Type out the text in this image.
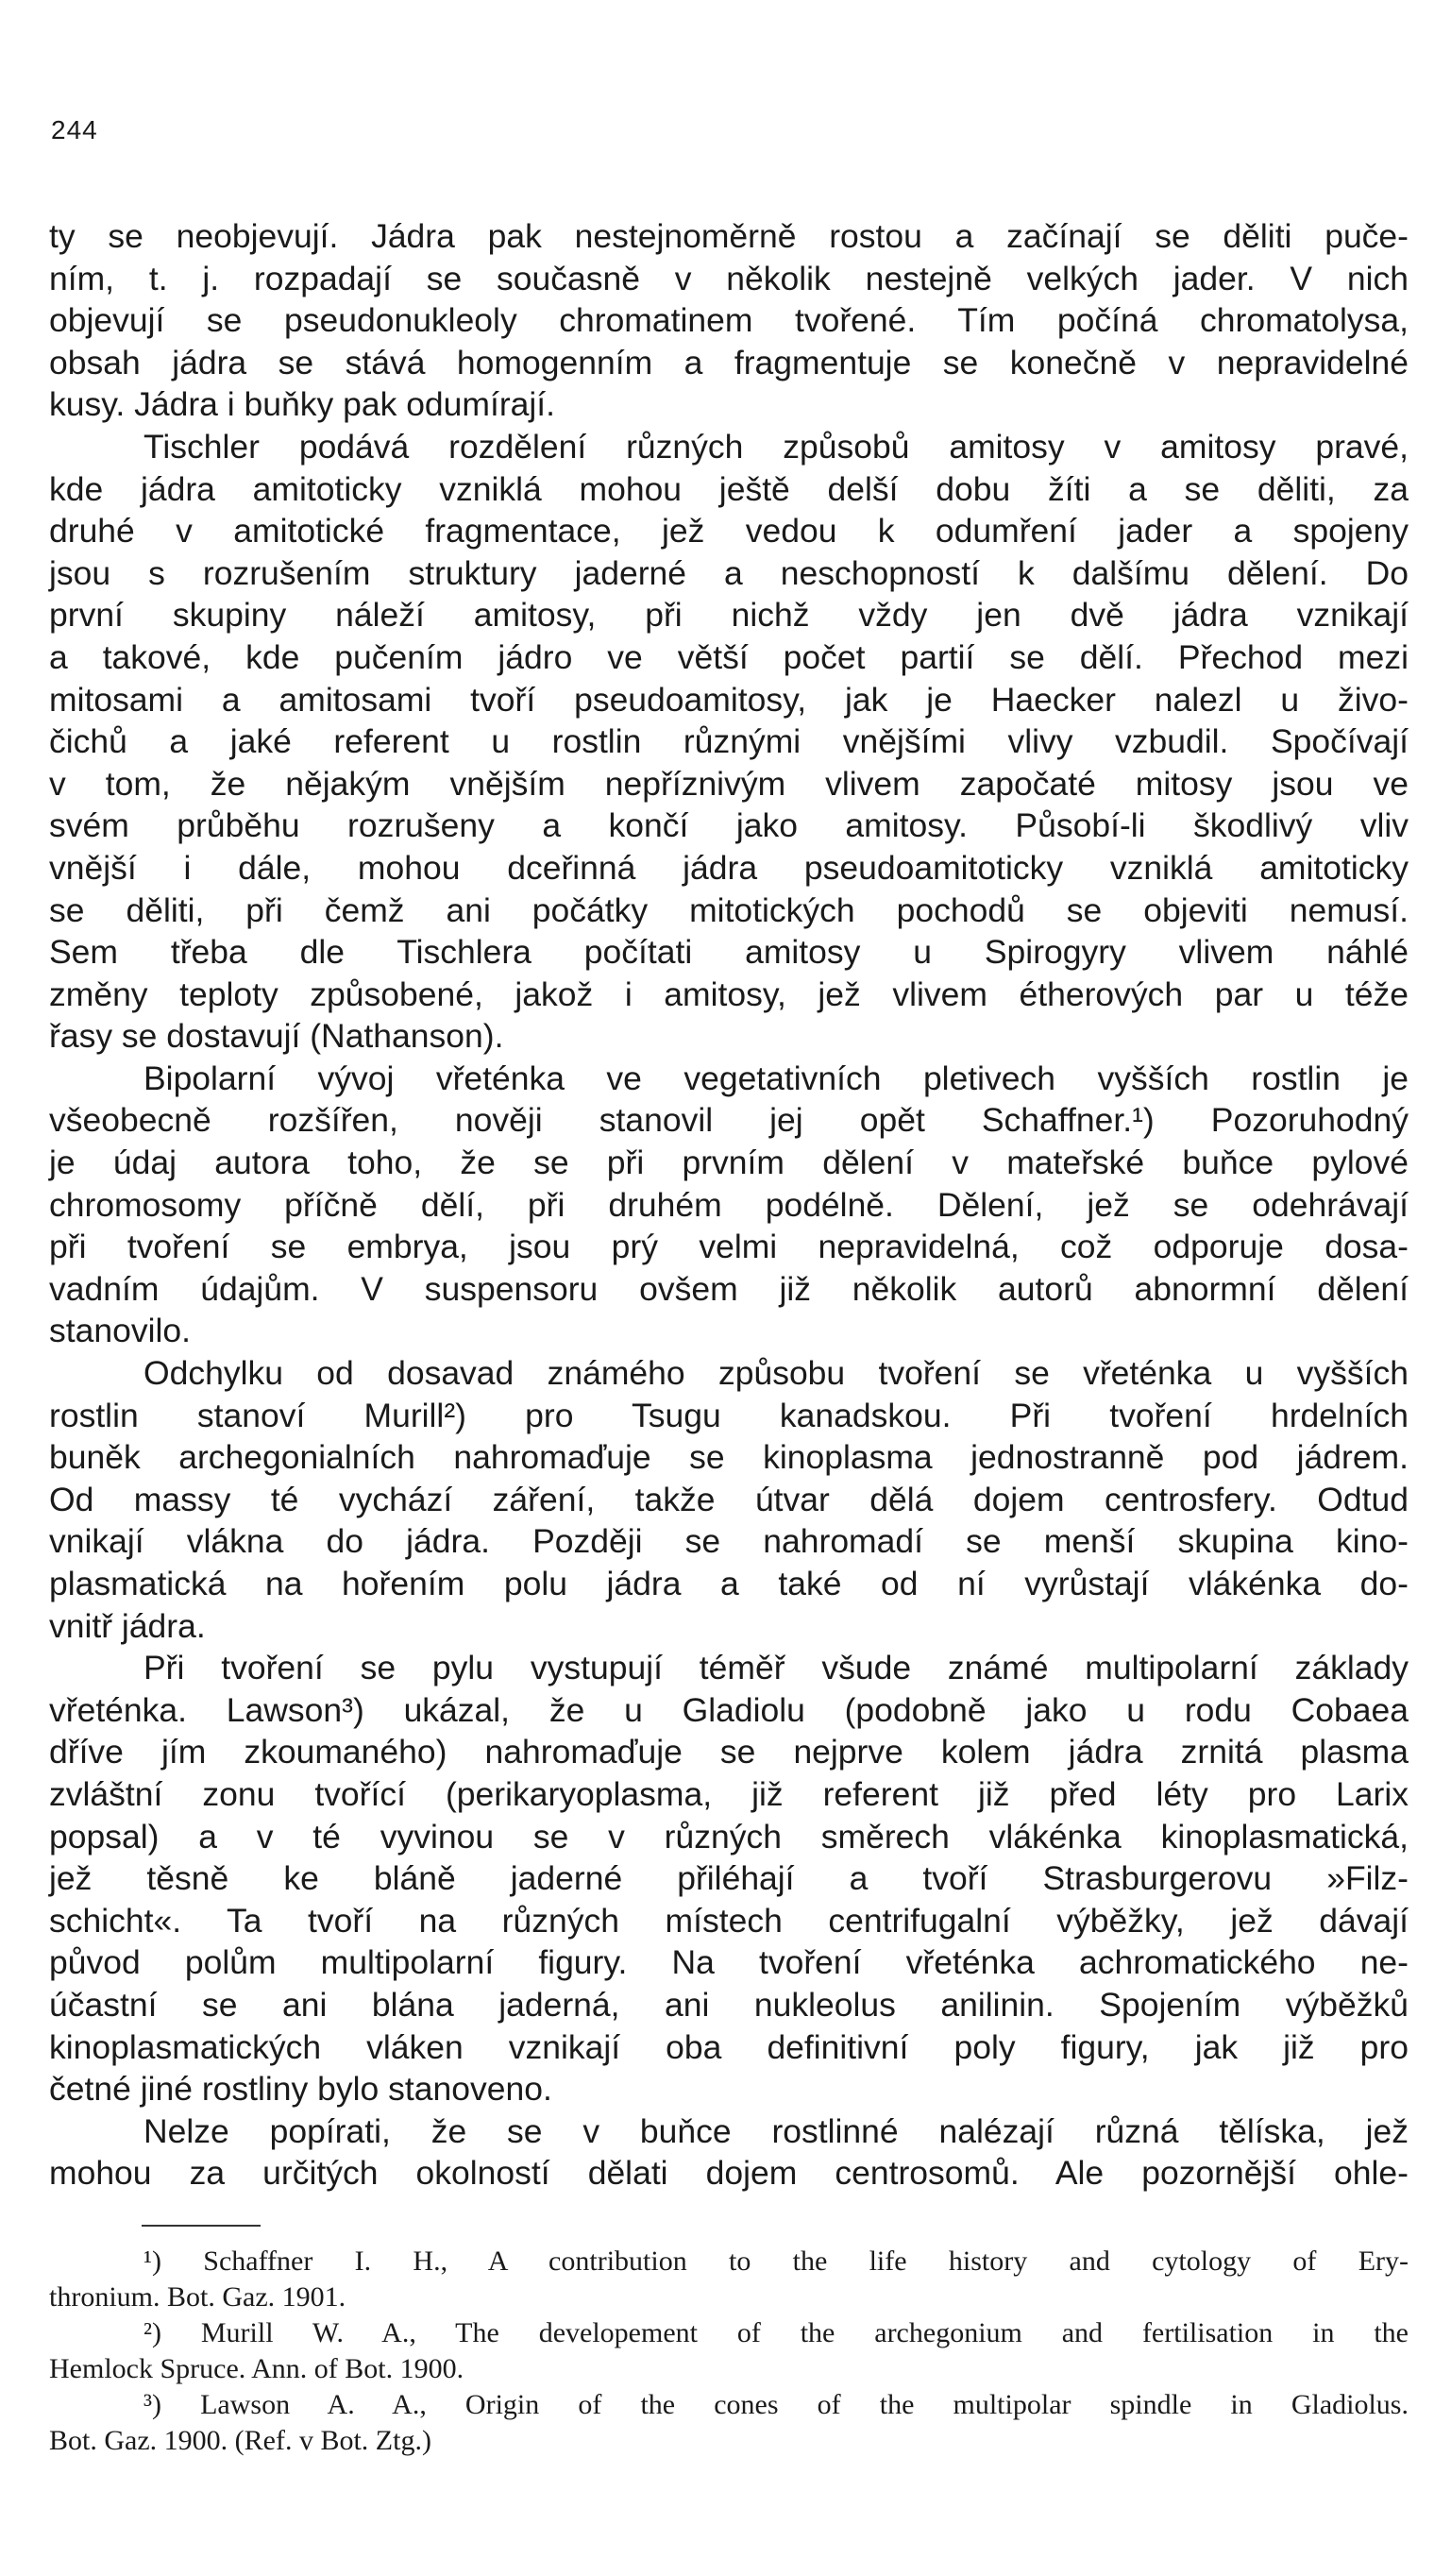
244
ty se neobjevují. Jádra pak nestejnoměrně rostou a začínají se děliti puče-
ním, t. j. rozpadají se současně v několik nestejně velkých jader. V nich
objevují se pseudonukleoly chromatinem tvořené. Tím počíná chromatolysa,
obsah jádra se stává homogenním a fragmentuje se konečně v nepravidelné
kusy. Jádra i buňky pak odumírají.
Tischler podává rozdělení různých způsobů amitosy v amitosy pravé,
kde jádra amitoticky vzniklá mohou ještě delší dobu žíti a se děliti, za
druhé v amitotické fragmentace, jež vedou k odumření jader a spojeny
jsou s rozrušením struktury jaderné a neschopností k dalšímu dělení. Do
první skupiny náleží amitosy, při nichž vždy jen dvě jádra vznikají
a takové, kde pučením jádro ve větší počet partií se dělí. Přechod mezi
mitosami a amitosami tvoří pseudoamitosy, jak je Haecker nalezl u živo-
čichů a jaké referent u rostlin různými vnějšími vlivy vzbudil. Spočívají
v tom, že nějakým vnějším nepříznivým vlivem započaté mitosy jsou ve
svém průběhu rozrušeny a končí jako amitosy. Působí-li škodlivý vliv
vnější i dále, mohou dceřinná jádra pseudoamitoticky vzniklá amitoticky
se děliti, při čemž ani počátky mitotických pochodů se objeviti nemusí.
Sem třeba dle Tischlera počítati amitosy u Spirogyry vlivem náhlé
změny teploty způsobené, jakož i amitosy, jež vlivem étherových par u téže
řasy se dostavují (Nathanson).
Bipolarní vývoj vřeténka ve vegetativních pletivech vyšších rostlin je
všeobecně rozšířen, nověji stanovil jej opět Schaffner.¹) Pozoruhodný
je údaj autora toho, že se při prvním dělení v mateřské buňce pylové
chromosomy příčně dělí, při druhém podélně. Dělení, jež se odehrávají
při tvoření se embrya, jsou prý velmi nepravidelná, což odporuje dosa-
vadním údajům. V suspensoru ovšem již několik autorů abnormní dělení
stanovilo.
Odchylku od dosavad známého způsobu tvoření se vřeténka u vyšších
rostlin stanoví Murill²) pro Tsugu kanadskou. Při tvoření hrdelních
buněk archegonialních nahromaďuje se kinoplasma jednostranně pod jádrem.
Od massy té vychází záření, takže útvar dělá dojem centrosfery. Odtud
vnikají vlákna do jádra. Později se nahromadí se menší skupina kino-
plasmatická na hořením polu jádra a také od ní vyrůstají vlákénka do-
vnitř jádra.
Při tvoření se pylu vystupují téměř všude známé multipolarní základy
vřeténka. Lawson³) ukázal, že u Gladiolu (podobně jako u rodu Cobaea
dříve jím zkoumaného) nahromaďuje se nejprve kolem jádra zrnitá plasma
zvláštní zonu tvořící (perikaryoplasma, již referent již před léty pro Larix
popsal) a v té vyvinou se v různých směrech vlákénka kinoplasmatická,
jež těsně ke bláně jaderné přiléhají a tvoří Strasburgerovu »Filz-
schicht«. Ta tvoří na různých místech centrifugalní výběžky, jež dávají
původ polům multipolarní figury. Na tvoření vřeténka achromatického ne-
účastní se ani blána jaderná, ani nukleolus anilinin. Spojením výběžků
kinoplasmatických vláken vznikají oba definitivní poly figury, jak již pro
četné jiné rostliny bylo stanoveno.
Nelze popírati, že se v buňce rostlinné nalézají různá tělíska, jež
mohou za určitých okolností dělati dojem centrosomů. Ale pozornější ohle-
¹) Schaffner I. H., A contribution to the life history and cytology of Ery-
thronium. Bot. Gaz. 1901.
²) Murill W. A., The developement of the archegonium and fertilisation in the
Hemlock Spruce. Ann. of Bot. 1900.
³) Lawson A. A., Origin of the cones of the multipolar spindle in Gladiolus.
Bot. Gaz. 1900. (Ref. v Bot. Ztg.)
